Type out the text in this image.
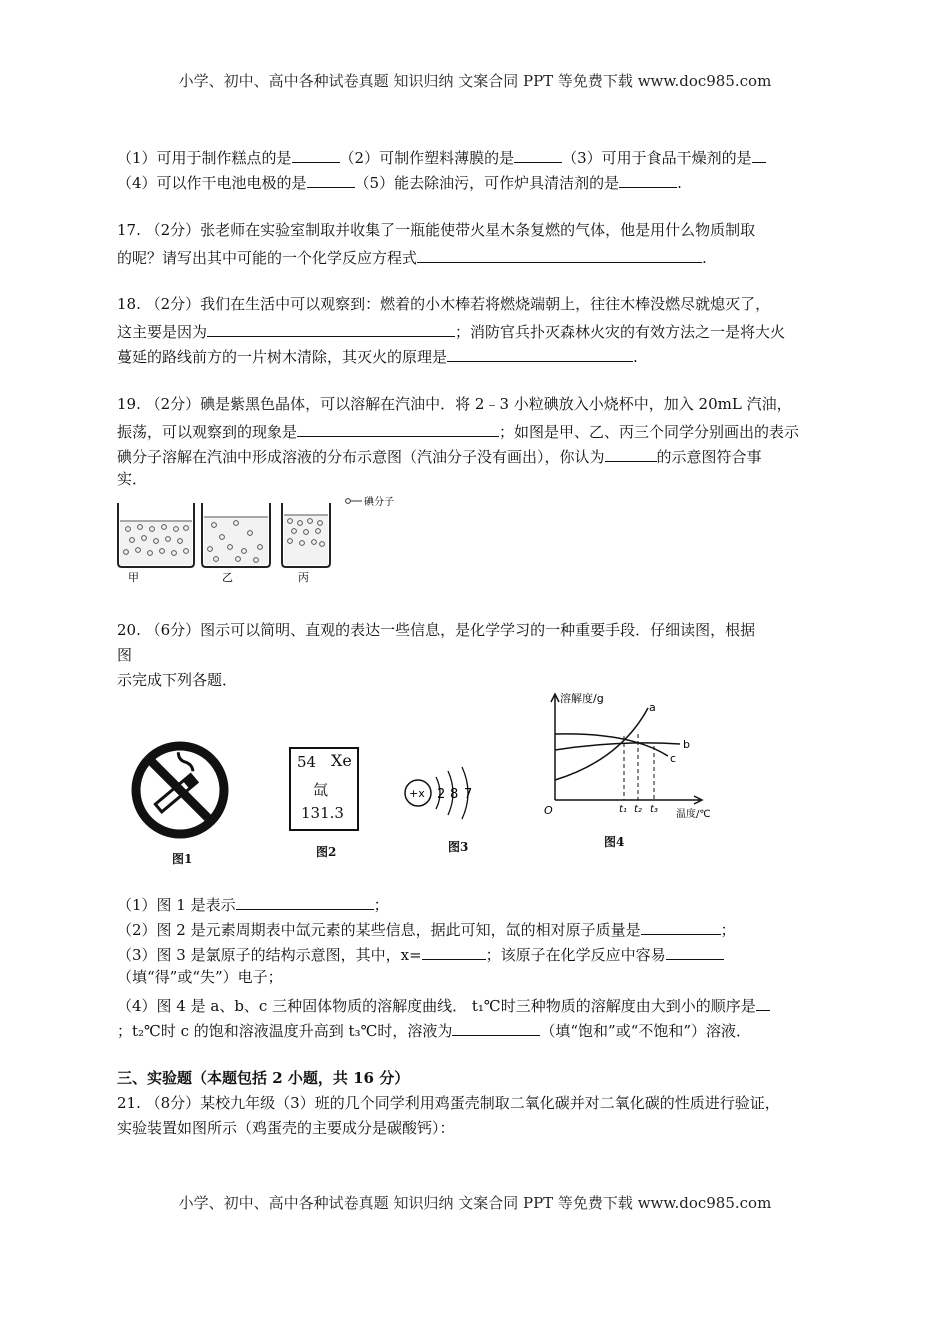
小学、初中、高中各种试卷真题 知识归纳 文案合同 PPT 等免费下载 www.doc985.com
小学、初中、高中各种试卷真题 知识归纳 文案合同 PPT 等免费下载 www.doc985.com
（1）可用于制作糕点的是	（2）可制作塑料薄膜的是	（3）可用于食品干燥剂的是
（4）可以作干电池电极的是	（5）能去除油污，可作炉具清洁剂的是	.
17. （2分）张老师在实验室制取并收集了一瓶能使带火星木条复燃的气体，他是用什么物质制取
的呢？请写出其中可能的一个化学反应方程式	.
18. （2分）我们在生活中可以观察到：燃着的小木棒若将燃烧端朝上，往往木棒没燃尽就熄灭了，
这主要是因为	；消防官兵扑灭森林火灾的有效方法之一是将大火
蔓延的路线前方的一片树木清除，其灭火的原理是	.
19. （2分）碘是紫黑色晶体，可以溶解在汽油中．将 2﹣3 小粒碘放入小烧杯中，加入 20mL 汽油，
振荡，可以观察到的现象是	；如图是甲、乙、丙三个同学分别画出的表示
碘分子溶解在汽油中形成溶液的分布示意图（汽油分子没有画出），你认为	的示意图符合事
实．
甲	乙	丙
碘分子
20. （6分）图示可以简明、直观的表达一些信息，是化学学习的一种重要手段．仔细读图，根据
图
示完成下列各题．
图1
54 Xe
氙
131.3
图2
+x 2 8 7
图3
溶解度/g
温度/℃
O
a
b
c
t₁ t₂ t₃
图4
（1）图 1 是表示	；
（2）图 2 是元素周期表中氙元素的某些信息，据此可知，氙的相对原子质量是	；
（3）图 3 是氯原子的结构示意图，其中，x=	；该原子在化学反应中容易
（填“得”或“失”）电子；
（4）图 4 是 a、b、c 三种固体物质的溶解度曲线． t₁℃时三种物质的溶解度由大到小的顺序是
；t₂℃时 c 的饱和溶液温度升高到 t₃℃时，溶液为	（填“饱和”或“不饱和”）溶液．
三、实验题（本题包括 2 小题，共 16 分）
21. （8分）某校九年级（3）班的几个同学利用鸡蛋壳制取二氧化碳并对二氧化碳的性质进行验证，
实验装置如图所示（鸡蛋壳的主要成分是碳酸钙）：
